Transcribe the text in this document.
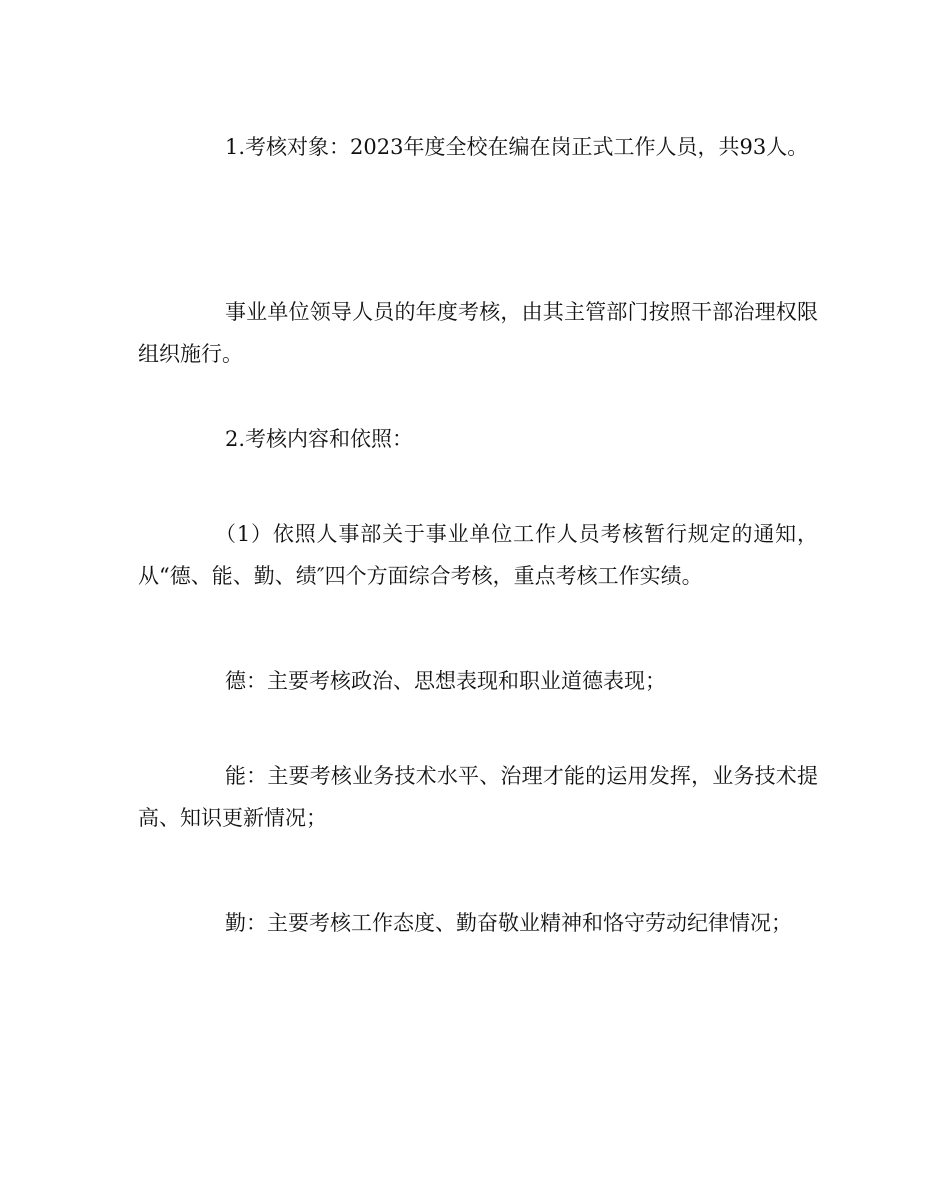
1.考核对象：2023年度全校在编在岗正式工作人员，共93人。

事业单位领导人员的年度考核，由其主管部门按照干部治理权限组织施行。

2.考核内容和依照：

（1）依照人事部关于事业单位工作人员考核暂行规定的通知，从“德、能、勤、绩″四个方面综合考核，重点考核工作实绩。

德：主要考核政治、思想表现和职业道德表现；

能：主要考核业务技术水平、治理才能的运用发挥，业务技术提高、知识更新情况；

勤：主要考核工作态度、勤奋敬业精神和恪守劳动纪律情况；
